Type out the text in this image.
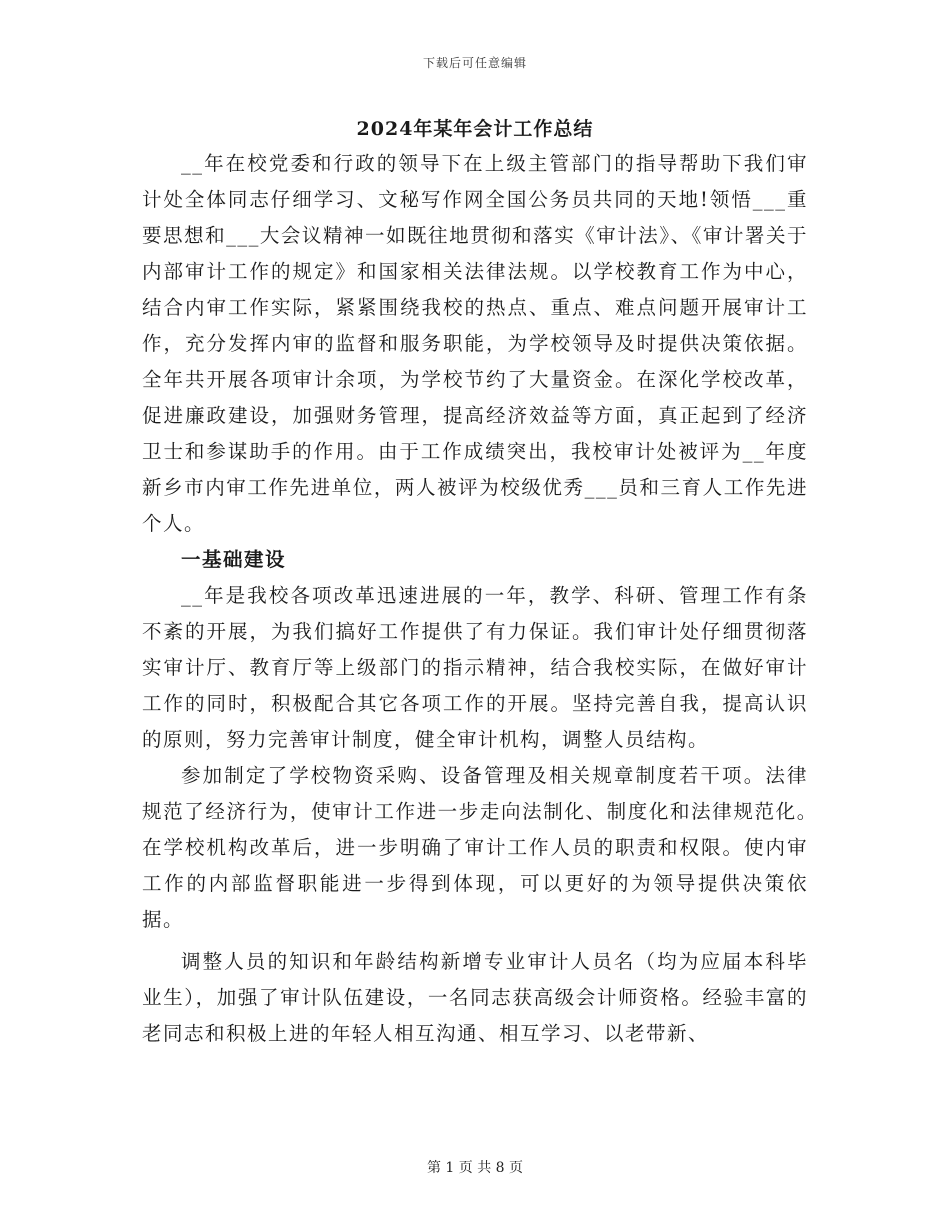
下载后可任意编辑
2024年某年会计工作总结

__年在校党委和行政的领导下在上级主管部门的指导帮助下我们审计处全体同志仔细学习、文秘写作网全国公务员共同的天地!领悟___重要思想和___大会议精神一如既往地贯彻和落实《审计法》、《审计署关于内部审计工作的规定》和国家相关法律法规。以学校教育工作为中心，结合内审工作实际，紧紧围绕我校的热点、重点、难点问题开展审计工作，充分发挥内审的监督和服务职能，为学校领导及时提供决策依据。全年共开展各项审计余项，为学校节约了大量资金。在深化学校改革，促进廉政建设，加强财务管理，提高经济效益等方面，真正起到了经济卫士和参谋助手的作用。由于工作成绩突出，我校审计处被评为__年度新乡市内审工作先进单位，两人被评为校级优秀___员和三育人工作先进个人。

一基础建设

__年是我校各项改革迅速进展的一年，教学、科研、管理工作有条不紊的开展，为我们搞好工作提供了有力保证。我们审计处仔细贯彻落实审计厅、教育厅等上级部门的指示精神，结合我校实际，在做好审计工作的同时，积极配合其它各项工作的开展。坚持完善自我，提高认识的原则，努力完善审计制度，健全审计机构，调整人员结构。

参加制定了学校物资采购、设备管理及相关规章制度若干项。法律规范了经济行为，使审计工作进一步走向法制化、制度化和法律规范化。　在学校机构改革后，进一步明确了审计工作人员的职责和权限。使内审工作的内部监督职能进一步得到体现，可以更好的为领导提供决策依据。

调整人员的知识和年龄结构新增专业审计人员名（均为应届本科毕业生），加强了审计队伍建设，一名同志获高级会计师资格。经验丰富的老同志和积极上进的年轻人相互沟通、相互学习、以老带新、

第 1 页 共 8 页
